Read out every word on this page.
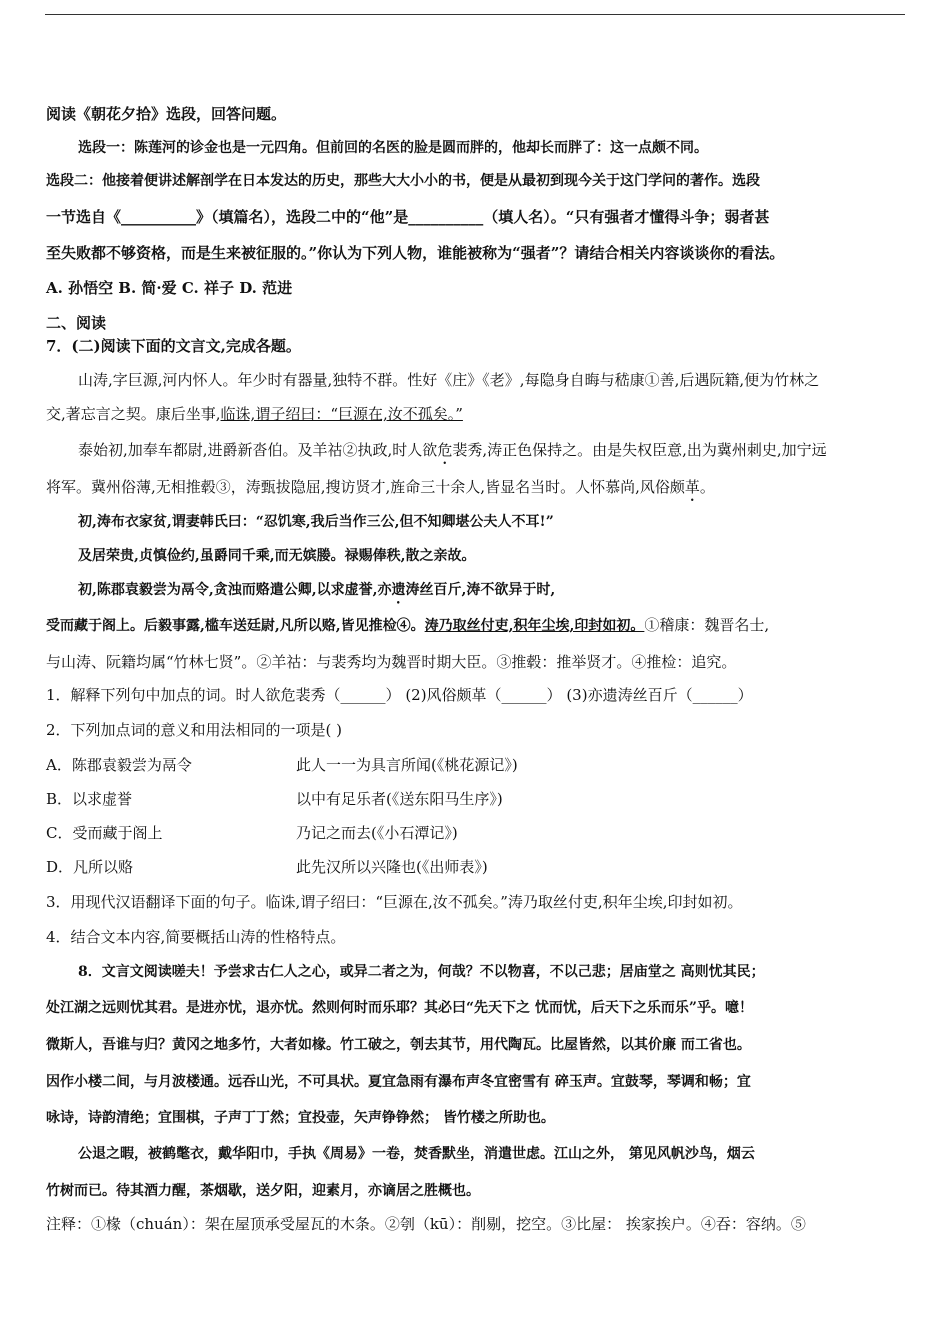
阅读《朝花夕拾》选段，回答问题。
选段一：陈莲河的诊金也是一元四角。但前回的名医的脸是圆而胖的，他却长而胖了：这一点颇不同。
选段二：他接着便讲述解剖学在日本发达的历史，那些大大小小的书，便是从最初到现今关于这门学问的著作。选段
一节选自《__________》（填篇名），选段二中的“他”是__________（填人名）。“只有强者才懂得斗争；弱者甚
至失败都不够资格，而是生来被征服的。”你认为下列人物，谁能被称为“强者”？请结合相关内容谈谈你的看法。
A. 孙悟空 B. 简·爱 C. 祥子 D. 范进
二、阅读
7．(二)阅读下面的文言文,完成各题。
山涛,字巨源,河内怀人。年少时有器量,独特不群。性好《庄》《老》,每隐身自晦与嵇康①善,后遇阮籍,便为竹林之
交,著忘言之契。康后坐事,临诛,谓子绍曰：“巨源在,汝不孤矣。”
泰始初,加奉车都尉,进爵新沓伯。及羊祜②执政,时人欲危裴秀,涛正色保持之。由是失权臣意,出为冀州刺史,加宁远
将军。冀州俗薄,无相推毂③，涛甄拔隐屈,搜访贤才,旌命三十余人,皆显名当时。人怀慕尚,风俗颇革。
初,涛布衣家贫,谓妻韩氏曰：“忍饥寒,我后当作三公,但不知卿堪公夫人不耳!”
及居荣贵,贞慎俭约,虽爵同千乘,而无嫔媵。禄赐俸秩,散之亲故。
初,陈郡袁毅尝为鬲令,贪浊而赂遣公卿,以求虚誉,亦遗涛丝百斤,涛不欲异于时,
受而藏于阁上。后毅事露,槛车送廷尉,凡所以赂,皆见推检④。涛乃取丝付吏,积年尘埃,印封如初。①稽康：魏晋名士,
与山涛、阮籍均属“竹林七贤”。②羊祜：与裴秀均为魏晋时期大臣。③推毂：推举贤才。④推检：追究。
1．解释下列句中加点的词。时人欲危裴秀（______） (2)风俗颇革（______） (3)亦遗涛丝百斤（______）
2．下列加点词的意义和用法相同的一项是( )
A．陈郡袁毅尝为鬲令	此人一一为具言所闻(《桃花源记》)
B．以求虚誉	以中有足乐者(《送东阳马生序》)
C．受而藏于阁上	乃记之而去(《小石潭记》)
D．凡所以赂	此先汉所以兴隆也(《出师表》)
3．用现代汉语翻译下面的句子。临诛,谓子绍曰：“巨源在,汝不孤矣。”涛乃取丝付吏,积年尘埃,印封如初。
4．结合文本内容,简要概括山涛的性格特点。
8．文言文阅读嗟夫！予尝求古仁人之心，或异二者之为，何哉？不以物喜，不以己悲；居庙堂之 高则忧其民；
处江湖之远则忧其君。是进亦忧，退亦忧。然则何时而乐耶？其必曰“先天下之 忧而忧，后天下之乐而乐”乎。噫！
微斯人，吾谁与归？黄冈之地多竹，大者如椽。竹工破之，刳去其节，用代陶瓦。比屋皆然，以其价廉 而工省也。
因作小楼二间，与月波楼通。远吞山光，不可具状。夏宜急雨有瀑布声冬宜密雪有 碎玉声。宜鼓琴，琴调和畅；宜
咏诗，诗韵清绝；宜围棋，子声丁丁然；宜投壶，矢声铮铮然； 皆竹楼之所助也。
公退之暇，被鹤氅衣，戴华阳巾，手执《周易》一卷，焚香默坐，消遣世虑。江山之外， 第见风帆沙鸟，烟云
竹树而已。待其酒力醒，茶烟歇，送夕阳，迎素月，亦谪居之胜概也。
注释：①椽（chuán）：架在屋顶承受屋瓦的木条。②刳（kū）：削剔，挖空。③比屋： 挨家挨户。④吞：容纳。⑤
